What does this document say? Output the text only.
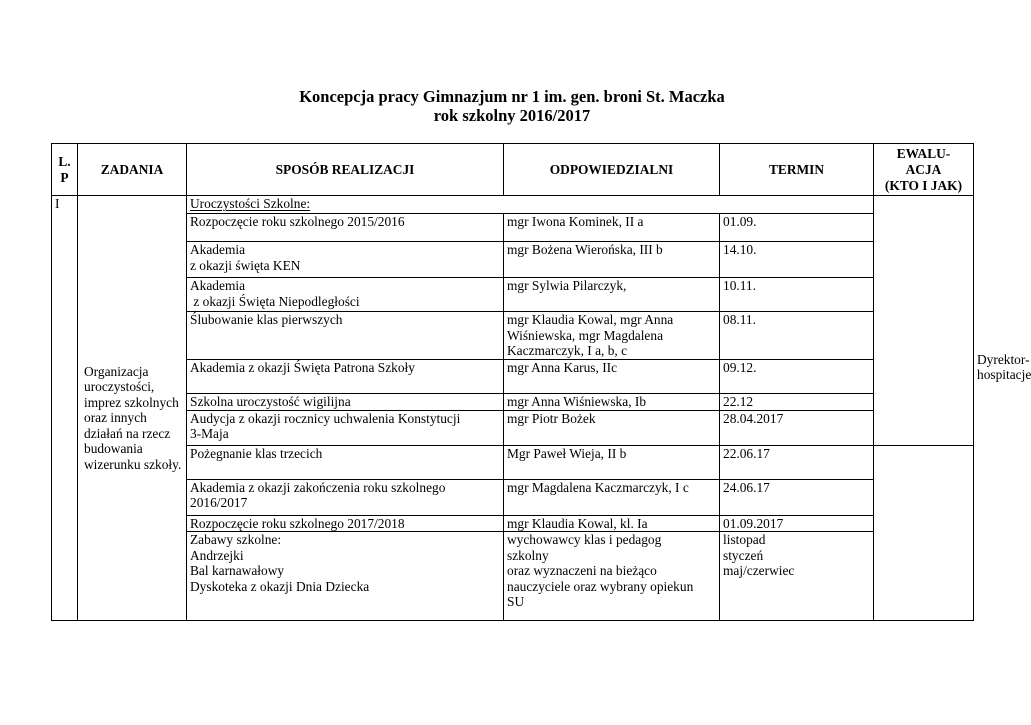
Koncepcja pracy Gimnazjum nr 1 im. gen. broni St. Maczka
rok szkolny 2016/2017
L.
P	ZADANIA	SPOSÓB REALIZACJI	ODPOWIEDZIALNI	TERMIN	EWALU-
ACJA
(KTO I JAK)	
I	Organizacja uroczystości, imprez szkolnych oraz innych działań na rzecz budowania wizerunku szkoły.	Uroczystości Szkolne:				

		Rozpoczęcie roku szkolnego 2015/2016	mgr Iwona Kominek, II a	01.09.		

		Akademia
z okazji święta KEN	mgr Bożena Wierońska, III b	14.10.		

		Akademia
z okazji Święta Niepodległości	mgr Sylwia Pilarczyk,	10.11.		

		Ślubowanie klas pierwszych	mgr Klaudia Kowal, mgr Anna
Wiśniewska, mgr Magdalena
Kaczmarczyk, I a, b, c	08.11.		

		Akademia z okazji Święta Patrona Szkoły	mgr Anna Karus, IIc	09.12.		

		Szkolna uroczystość wigilijna	mgr Anna Wiśniewska, Ib	22.12		

		Audycja z okazji rocznicy uchwalenia Konstytucji
3-Maja	mgr Piotr Bożek	28.04.2017		Dyrektor-
hospitacje

		Pożegnanie klas trzecich	Mgr Paweł Wieja, II b	22.06.17		

		Akademia z okazji zakończenia roku szkolnego
2016/2017	mgr Magdalena Kaczmarczyk, I c	24.06.17		

		Rozpoczęcie roku szkolnego 2017/2018	mgr Klaudia Kowal, kl. Ia	01.09.2017		

		Zabawy szkolne:
Andrzejki
Bal karnawałowy
Dyskoteka z okazji Dnia Dziecka	wychowawcy klas i pedagog
szkolny
oraz wyznaczeni na bieżąco
nauczyciele oraz wybrany opiekun
SU	listopad
styczeń
maj/czerwiec		
